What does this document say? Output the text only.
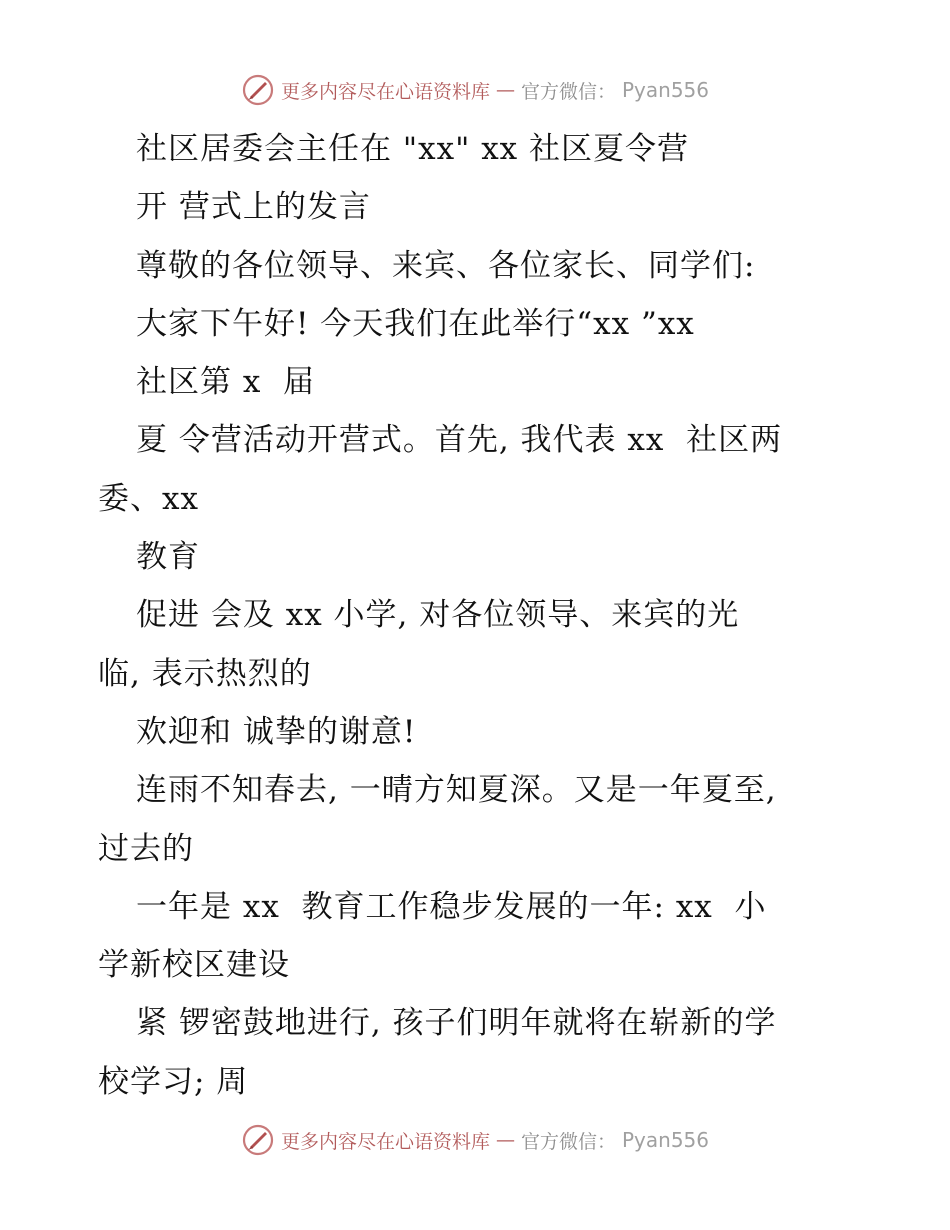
更多内容尽在心语资料库 — 官方微信： Pyan556
社区居委会主任在 "xx" xx 社区夏令营
开 营式上的发言
尊敬的各位领导、来宾、各位家长、同学们:
大家下午好! 今天我们在此举行“xx ”xx
社区第 x  届
夏 令营活动开营式。首先, 我代表 xx  社区两
委、xx
教育
促进 会及 xx 小学, 对各位领导、来宾的光
临, 表示热烈的
欢迎和 诚挚的谢意!
连雨不知春去, 一晴方知夏深。又是一年夏至,
过去的
一年是 xx  教育工作稳步发展的一年: xx  小
学新校区建设
紧 锣密鼓地进行, 孩子们明年就将在崭新的学
校学习; 周
更多内容尽在心语资料库 — 官方微信： Pyan556
